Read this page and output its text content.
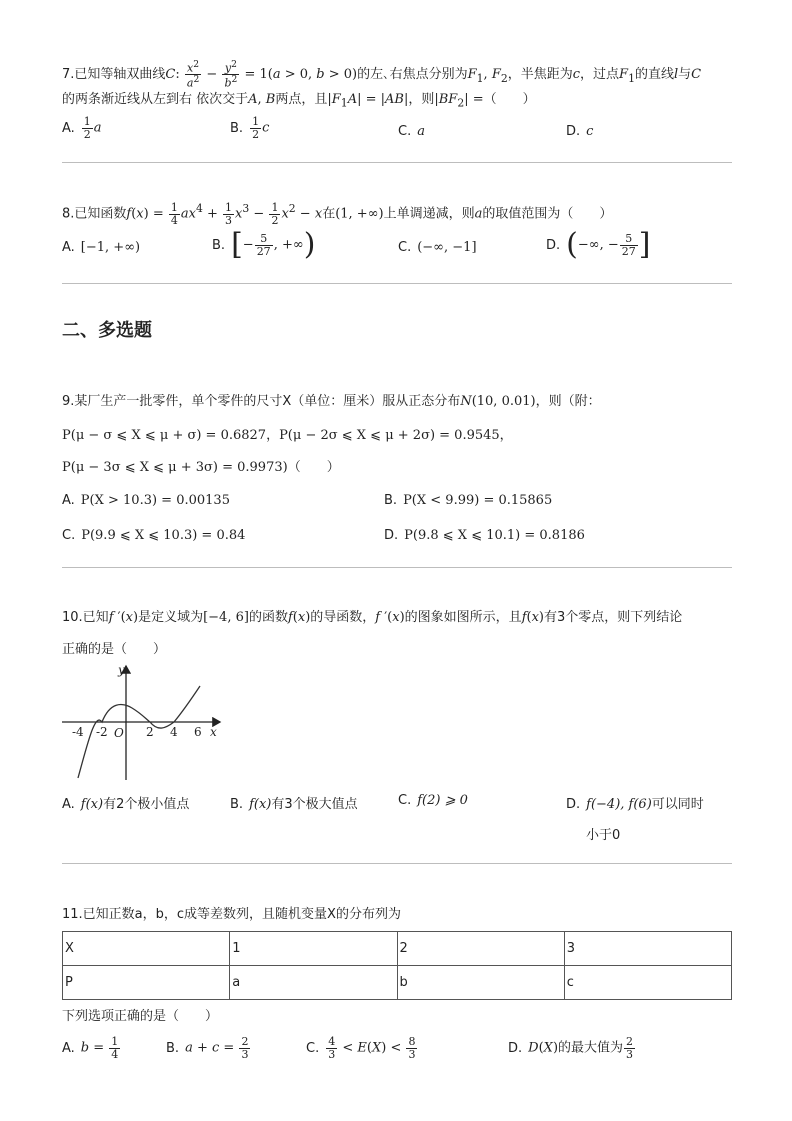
7.已知等轴双曲线C: $\frac{x^2}{a^2} - \frac{y^2}{b^2} = 1(a > 0$, b > 0)的左､右焦点分别为$F_1$, $F_2$，半焦距为c，过点$F_1$的直线l与C
的两条渐近线从左到右 依次交于A, B两点，且$|F_1A| = |AB|$，则$|BF_2|$ =（　　）
A. $\frac{1}{2}$ a	B. $\frac{1}{2}$ c	C. a	D. c
8.已知函数$f(x) = \frac{1}{4} ax^4 + \frac{1}{3} x^3 - \frac{1}{2} x^2 - x$在(1, +∞)上单调递减，则a的取值范围为（　　）
A. [−1, +∞)	B. [− $\frac{5}{27}$ , +∞)	C. (−∞, −1]	D. (−∞, − $\frac{5}{27}$ ]
二、多选题
9.某厂生产一批零件，单个零件的尺寸X（单位：厘米）服从正态分布N(10, 0.01)，则（附：
P(μ − σ ⩽ X ⩽ μ + σ) = 0.6827，P(μ − 2σ ⩽ X ⩽ μ + 2σ) = 0.9545，
P(μ − 3σ ⩽ X ⩽ μ + 3σ) = 0.9973)（　　）
A. P(X > 10.3) = 0.00135	B. P(X < 9.99) = 0.15865
C. P(9.9 ⩽ X ⩽ 10.3) = 0.84	D. P(9.8 ⩽ X ⩽ 10.1) = 0.8186
10.已知f ′(x)是定义域为[−4, 6]的函数f(x)的导函数，f ′(x)的图象如图所示，且f(x)有3个零点，则下列结论
正确的是（　　）
y
x
O
-4 -2	2 4 6
A. f(x)有2个极小值点	B. f(x)有3个极大值点	C. f(2) ⩾ 0	D. f(−4), f(6)可以同时
小于0
11.已知正数a，b，c成等差数列，且随机变量X的分布列为
X	1	2	3
P	a	b	c
下列选项正确的是（　　）
A. $b = \frac{1}{4}$	B. $a + c = \frac{2}{3}$	C. $\frac{4}{3} < E(X) < \frac{8}{3}$	D. D(X)的最大值为 $\frac{2}{3}$
